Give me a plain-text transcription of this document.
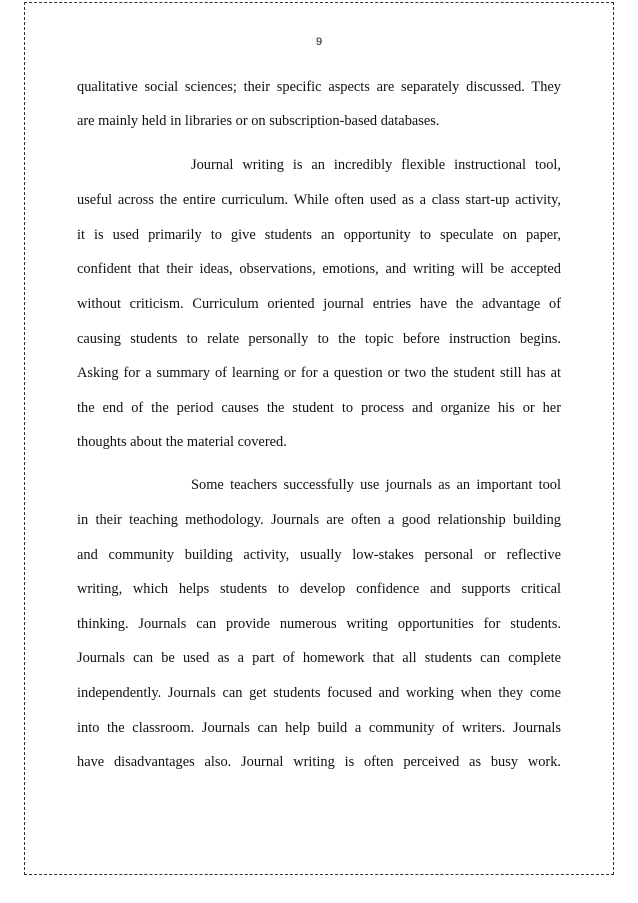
9
qualitative social sciences; their specific aspects are separately discussed. They
are mainly held in libraries or on subscription-based databases.
Journal writing is an incredibly flexible instructional tool,
useful across the entire curriculum. While often used as a class start-up activity,
it is used primarily to give students an opportunity to speculate on paper,
confident that their ideas, observations, emotions, and writing will be accepted
without criticism. Curriculum oriented journal entries have the advantage of
causing students to relate personally to the topic before instruction begins.
Asking for a summary of learning or for a question or two the student still has at
the end of the period causes the student to process and organize his or her
thoughts about the material covered.
Some teachers successfully use journals as an important tool
in their teaching methodology. Journals are often a good relationship building
and community building activity, usually low-stakes personal or reflective
writing, which helps students to develop confidence and supports critical
thinking. Journals can provide numerous writing opportunities for students.
Journals can be used as a part of homework that all students can complete
independently. Journals can get students focused and working when they come
into the classroom. Journals can help build a community of writers. Journals
have disadvantages also. Journal writing is often perceived as busy work.
